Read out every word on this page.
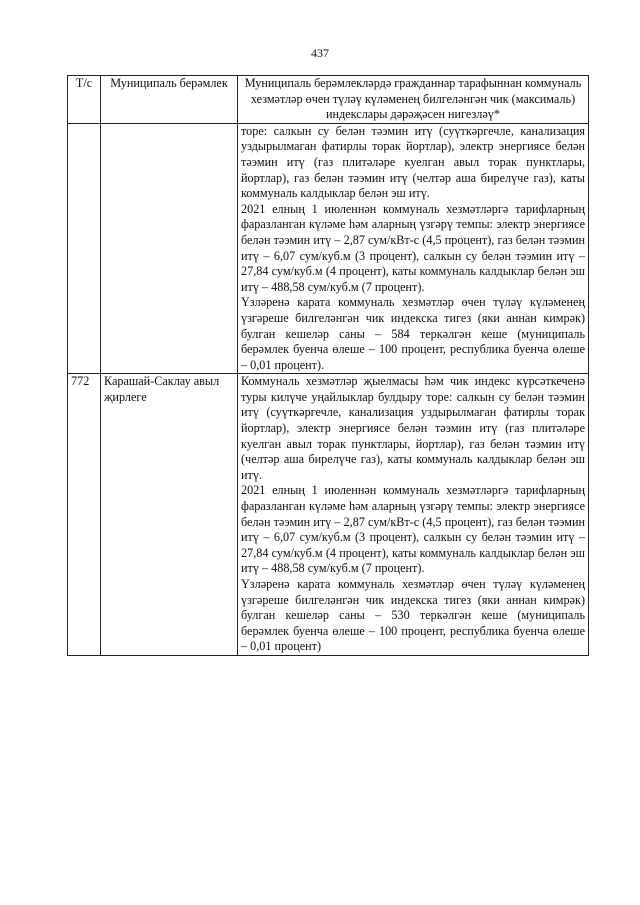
437
Т/с	Муниципаль берәмлек	Муниципаль берәмлекләрдә гражданнар тарафыннан коммуналь хезмәтләр өчен түләү күләменең билгеләнгән чик (максималь) индекслары дәрәҗәсен нигезләү*

		торе: салкын су белән тәэмин итү (суүткәргечле, канализация уздырылмаган фатирлы торак йортлар), электр энергиясе белән тәэмин итү (газ плитәләре куелган авыл торак пунктлары, йортлар), газ белән тәэмин итү (челтәр аша бирелүче газ), каты коммуналь калдыклар белән эш итү.

2021 елның 1 июленнән коммуналь хезмәтләргә тарифларның фаразланган күләме һәм аларның үзгәрү темпы: электр энергиясе белән тәэмин итү – 2,87 сум/кВт-с (4,5 процент), газ белән тәэмин итү – 6,07 сум/куб.м (3 процент), салкын су белән тәэмин итү – 27,84 сум/куб.м (4 процент), каты коммуналь калдыклар белән эш итү – 488,58 сум/куб.м (7 процент).

Үзләренә карата коммуналь хезмәтләр өчен түләү күләменең үзгәреше билгеләнгән чик индекска тигез (яки аннан кимрәк) булган кешеләр саны – 584 теркәлгән кеше (муниципаль берәмлек буенча өлеше – 100 процент, республика буенча өлеше – 0,01 процент).

772	Карашай-Саклау авыл җирлеге	Коммуналь хезмәтләр җыелмасы һәм чик индекс күрсәткеченә туры килүче уңайлыклар булдыру торе: салкын су белән тәэмин итү (суүткәргечле, канализация уздырылмаган фатирлы торак йортлар), электр энергиясе белән тәэмин итү (газ плитәләре куелган авыл торак пунктлары, йортлар), газ белән тәэмин итү (челтәр аша бирелүче газ), каты коммуналь калдыклар белән эш итү.

2021 елның 1 июленнән коммуналь хезмәтләргә тарифларның фаразланган күләме һәм аларның үзгәрү темпы: электр энергиясе белән тәэмин итү – 2,87 сум/кВт-с (4,5 процент), газ белән тәэмин итү – 6,07 сум/куб.м (3 процент), салкын су белән тәэмин итү – 27,84 сум/куб.м (4 процент), каты коммуналь калдыклар белән эш итү – 488,58 сум/куб.м (7 процент).

Үзләренә карата коммуналь хезмәтләр өчен түләү күләменең үзгәреше билгеләнгән чик индекска тигез (яки аннан кимрәк) булган кешеләр саны – 530 теркәлгән кеше (муниципаль берәмлек буенча өлеше – 100 процент, республика буенча өлеше – 0,01 процент)
